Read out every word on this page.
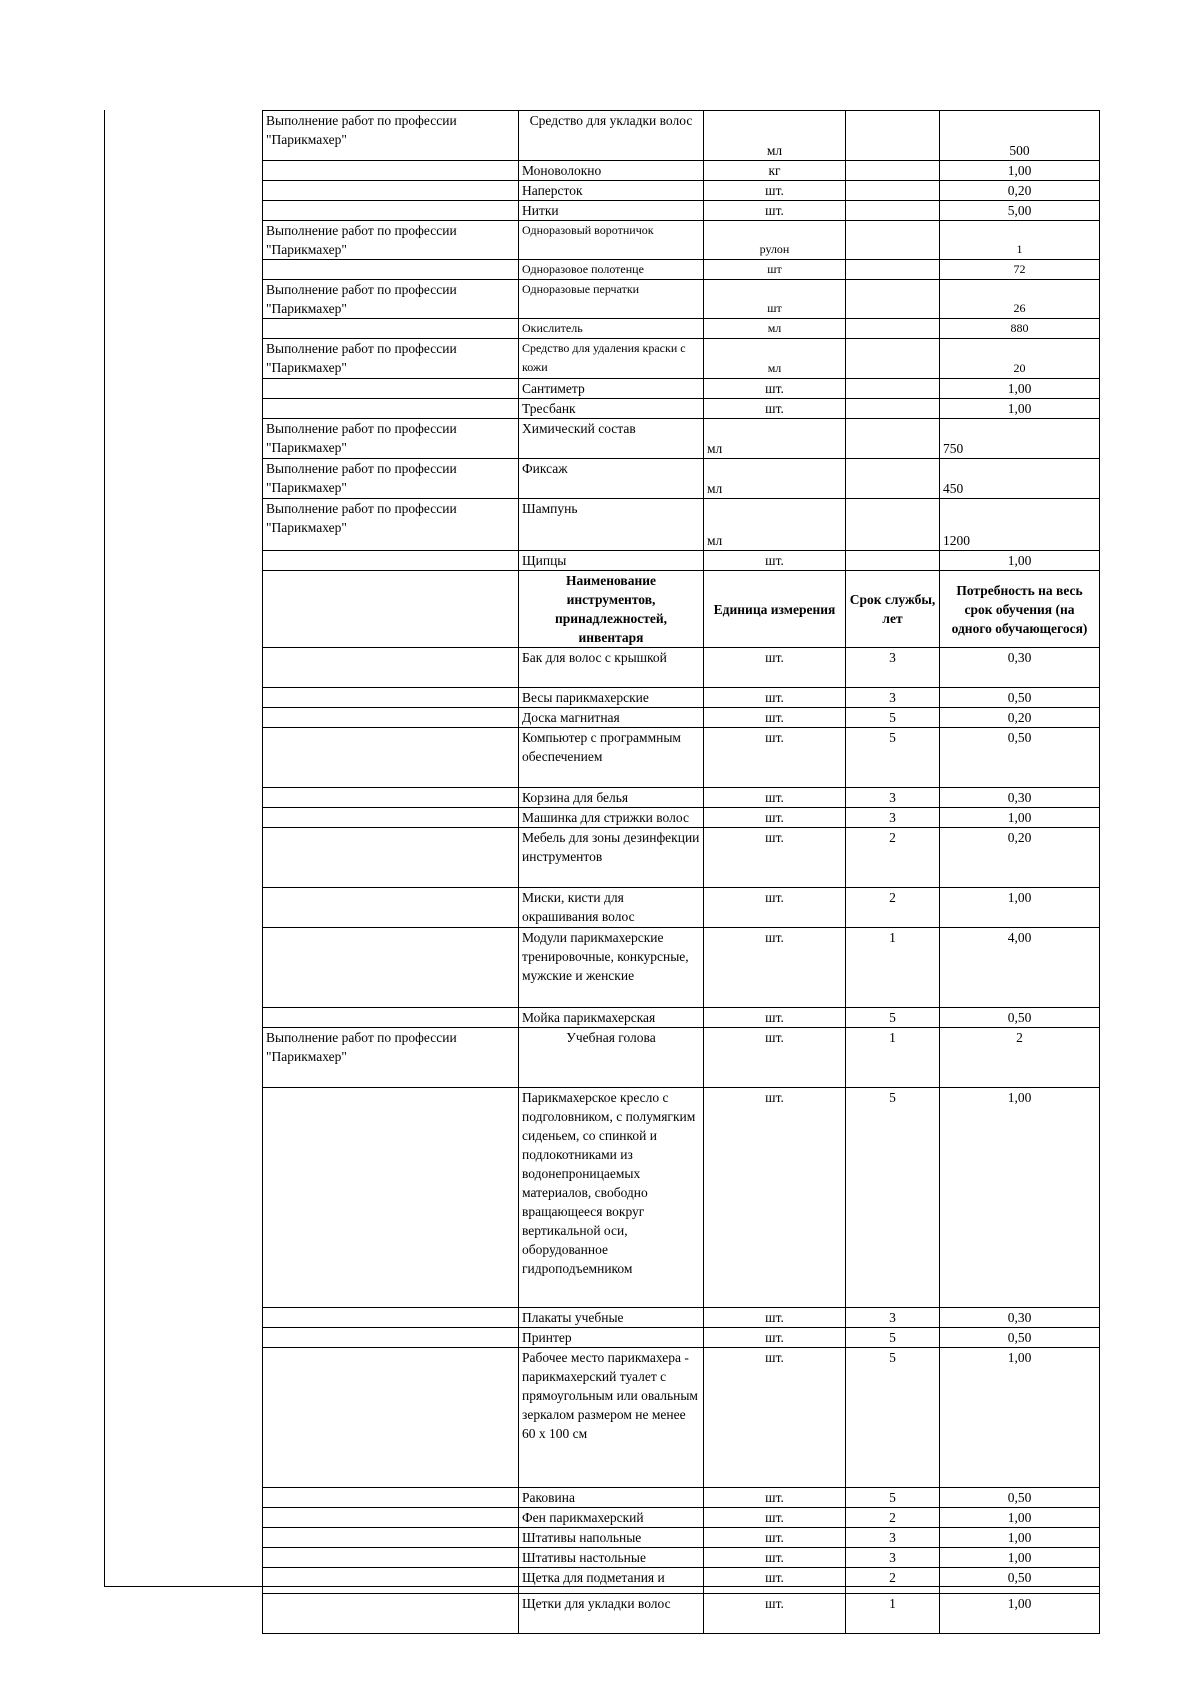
Выполнение работ по профессии "Парикмахер"	Средство для укладки волос	мл		500
	Моноволокно	кг		1,00
	Наперсток	шт.		0,20
	Нитки	шт.		5,00
Выполнение работ по профессии "Парикмахер"	Одноразовый воротничок	рулон		1
	Одноразовое полотенце	шт		72
Выполнение работ по профессии "Парикмахер"	Одноразовые перчатки	шт		26
	Окислитель	мл		880
Выполнение работ по профессии "Парикмахер"	Средство для удаления краски с кожи	мл		20
	Сантиметр	шт.		1,00
	Тресбанк	шт.		1,00
Выполнение работ по профессии "Парикмахер"	Химический состав	мл		750
Выполнение работ по профессии "Парикмахер"	Фиксаж	мл		450
Выполнение работ по профессии "Парикмахер"	Шампунь	мл		1200
	Щипцы	шт.		1,00
	Наименование инструментов, принадлежностей, инвентаря	Единица измерения	Срок службы, лет	Потребность на весь срок обучения (на одного обучающегося)
	Бак для волос с крышкой	шт.	3	0,30
	Весы парикмахерские	шт.	3	0,50
	Доска магнитная	шт.	5	0,20
	Компьютер с программным обеспечением	шт.	5	0,50
	Корзина для белья	шт.	3	0,30
	Машинка для стрижки волос	шт.	3	1,00
	Мебель для зоны дезинфекции инструментов	шт.	2	0,20
	Миски, кисти для окрашивания волос	шт.	2	1,00
	Модули парикмахерские тренировочные, конкурсные, мужские и женские	шт.	1	4,00
	Мойка парикмахерская	шт.	5	0,50
Выполнение работ по профессии "Парикмахер"	Учебная голова	шт.	1	2
	Парикмахерское кресло с подголовником, с полумягким сиденьем, со спинкой и подлокотниками из водонепроницаемых материалов, свободно вращающееся вокруг вертикальной оси, оборудованное гидроподъемником	шт.	5	1,00
	Плакаты учебные	шт.	3	0,30
	Принтер	шт.	5	0,50
	Рабочее место парикмахера - парикмахерский туалет с прямоугольным или овальным зеркалом размером не менее 60 х 100 см	шт.	5	1,00
	Раковина	шт.	5	0,50
	Фен парикмахерский	шт.	2	1,00
	Штативы напольные	шт.	3	1,00
	Штативы настольные	шт.	3	1,00
	Щетка для подметания и	шт.	2	0,50
	Щетки для укладки волос	шт.	1	1,00
